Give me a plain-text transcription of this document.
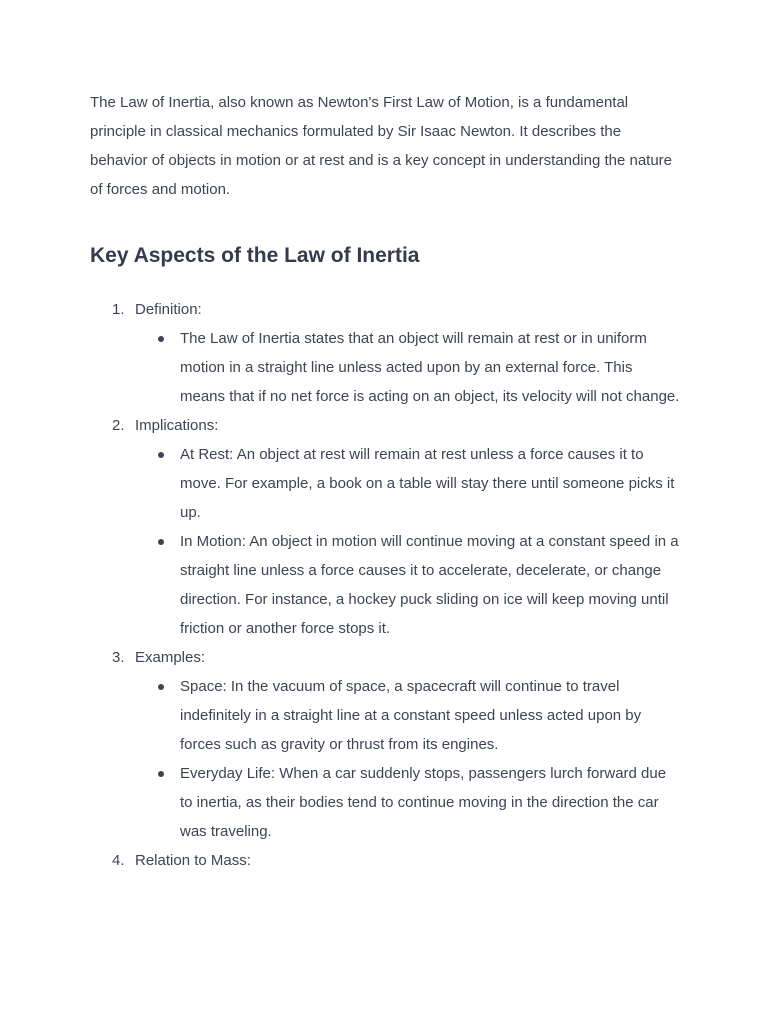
The Law of Inertia, also known as Newton's First Law of Motion, is a fundamental principle in classical mechanics formulated by Sir Isaac Newton. It describes the behavior of objects in motion or at rest and is a key concept in understanding the nature of forces and motion.

Key Aspects of the Law of Inertia
1. Definition:
The Law of Inertia states that an object will remain at rest or in uniform motion in a straight line unless acted upon by an external force. This means that if no net force is acting on an object, its velocity will not change.
2. Implications:
At Rest: An object at rest will remain at rest unless a force causes it to move. For example, a book on a table will stay there until someone picks it up.
In Motion: An object in motion will continue moving at a constant speed in a straight line unless a force causes it to accelerate, decelerate, or change direction. For instance, a hockey puck sliding on ice will keep moving until friction or another force stops it.
3. Examples:
Space: In the vacuum of space, a spacecraft will continue to travel indefinitely in a straight line at a constant speed unless acted upon by forces such as gravity or thrust from its engines.
Everyday Life: When a car suddenly stops, passengers lurch forward due to inertia, as their bodies tend to continue moving in the direction the car was traveling.
4. Relation to Mass:
